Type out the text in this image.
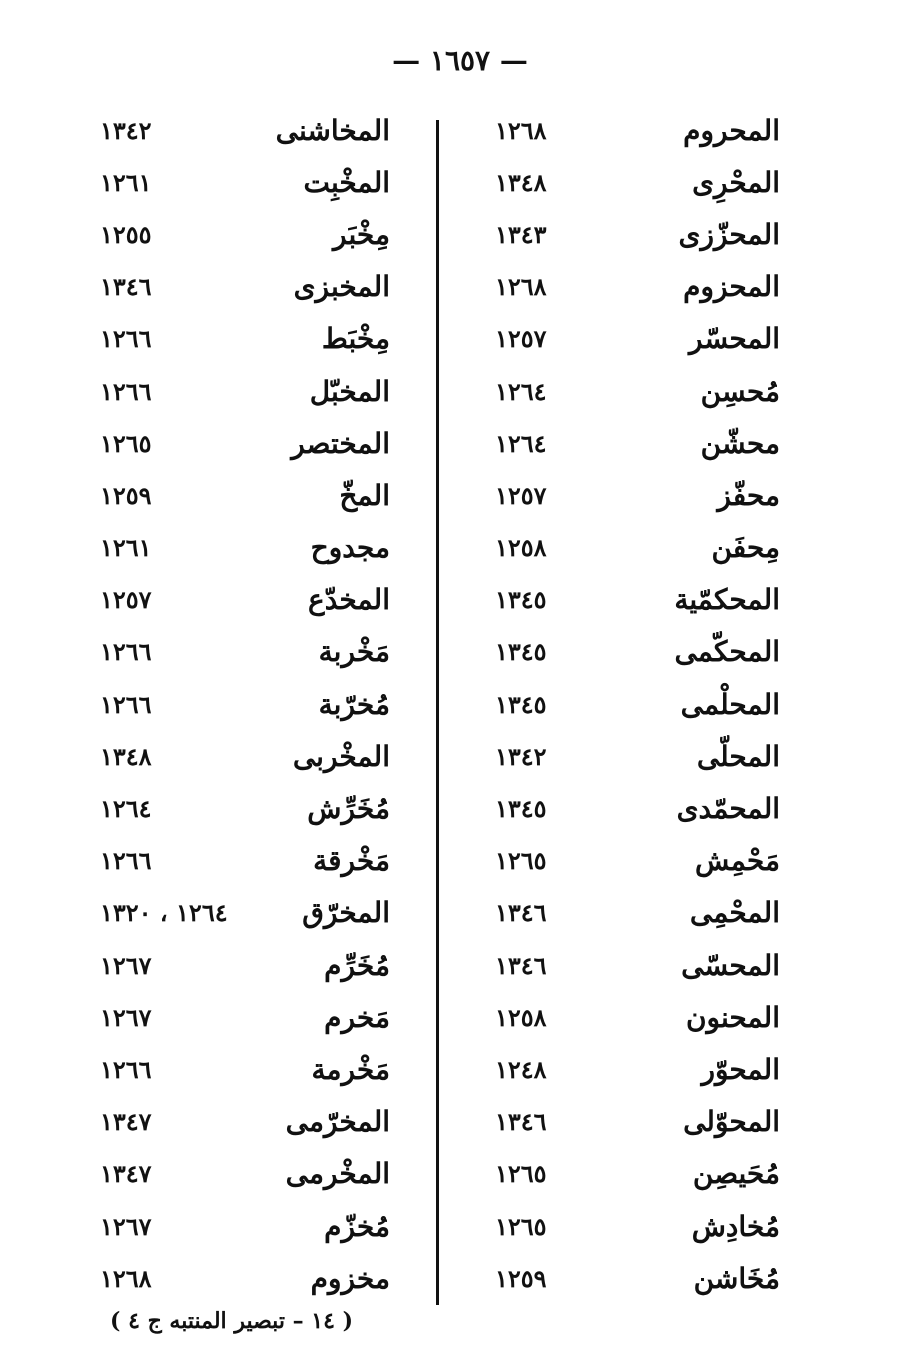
— ١٦٥٧ —
المحروم
١٢٦٨
المحْرِى
١٣٤٨
المحزّزى
١٣٤٣
المحزوم
١٢٦٨
المحسّر
١٢٥٧
مُحسِن
١٢٦٤
محشّن
١٢٦٤
محفّز
١٢٥٧
مِحفَن
١٢٥٨
المحكمّية
١٣٤٥
المحكّمى
١٣٤٥
المحلْمى
١٣٤٥
المحلّى
١٣٤٢
المحمّدى
١٣٤٥
مَحْمِش
١٢٦٥
المحْمِى
١٣٤٦
المحسّى
١٣٤٦
المحنون
١٢٥٨
المحوّر
١٢٤٨
المحوّلى
١٣٤٦
مُحَيصِن
١٢٦٥
مُخادِش
١٢٦٥
مُخَاشن
١٢٥٩
المخاشنى
١٣٤٢
المخْبِت
١٢٦١
مِخْبَر
١٢٥٥
المخبزى
١٣٤٦
مِخْبَط
١٢٦٦
المخبّل
١٢٦٦
المختصر
١٢٦٥
المخّ
١٢٥٩
مجدوح
١٢٦١
المخدّع
١٢٥٧
مَخْربة
١٢٦٦
مُخرّبة
١٢٦٦
المخْربى
١٣٤٨
مُخَرِّش
١٢٦٤
مَخْرقة
١٢٦٦
المخرّق
١٢٦٤ ، ١٣٢٠
مُخَرِّم
١٢٦٧
مَخرم
١٢٦٧
مَخْرمة
١٢٦٦
المخرّمى
١٣٤٧
المخْرمى
١٣٤٧
مُخزّم
١٢٦٧
مخزوم
١٢٦٨
( ١٤ – تبصير المنتبه ج ٤ )
